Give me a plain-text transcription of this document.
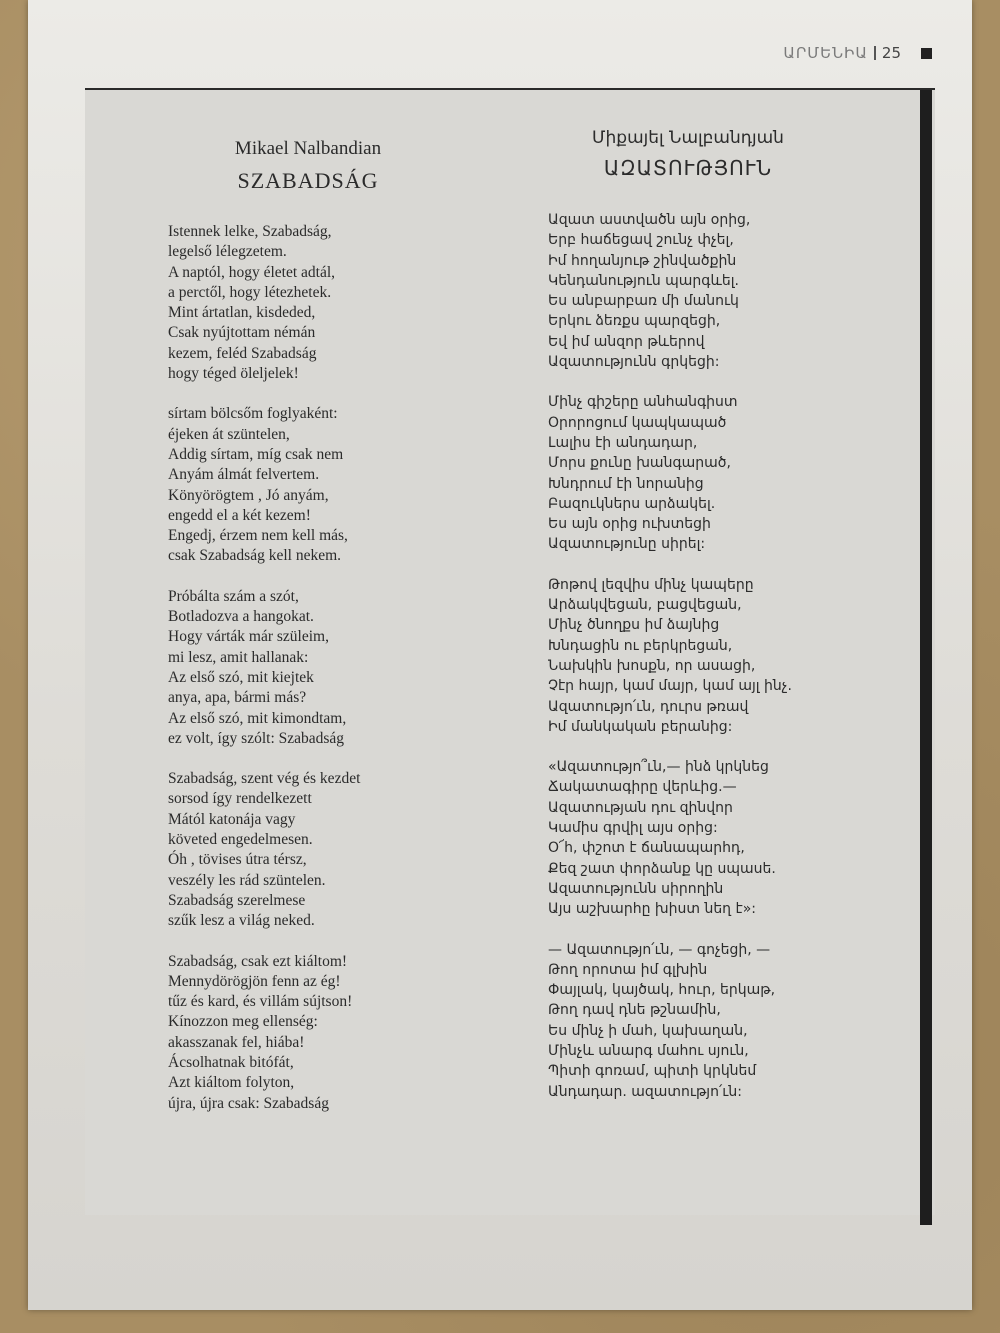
ԱՐՄԵՆԻԱ 25
Mikael Nalbandian
SZABADSÁG
Istennek lelke, Szabadság,
legelső lélegzetem.
A naptól, hogy életet adtál,
a perctől, hogy létezhetek.
Mint ártatlan, kisdeded,
Csak nyújtottam némán
kezem, feléd Szabadság
hogy téged öleljelek!
sírtam bölcsőm foglyaként:
éjeken át szüntelen,
Addig sírtam, míg csak nem
Anyám álmát felvertem.
Könyörögtem , Jó anyám,
engedd el a két kezem!
Engedj, érzem nem kell más,
csak Szabadság kell nekem.
Próbálta szám a szót,
Botladozva a hangokat.
Hogy várták már szüleim,
mi lesz, amit hallanak:
Az első szó, mit kiejtek
anya, apa, bármi más?
Az első szó, mit kimondtam,
ez volt, így szólt: Szabadság
Szabadság, szent vég és kezdet
sorsod így rendelkezett
Mától katonája vagy
követed engedelmesen.
Óh , tövises útra térsz,
veszély les rád szüntelen.
Szabadság szerelmese
szűk lesz a világ neked.
Szabadság, csak ezt kiáltom!
Mennydörögjön fenn az ég!
tűz és kard, és villám sújtson!
Kínozzon meg ellenség:
akasszanak fel, hiába!
Ácsolhatnak bitófát,
Azt kiáltom folyton,
újra, újra csak: Szabadság
Միքայել Նալբանդյան
ԱԶԱՏՈՒԹՅՈՒՆ
Ազատ աստվածն այն օրից,
Երբ հաճեցավ շունչ փչել,
Իմ հողանյութ շինվածքին
Կենդանություն պարգևել.
Ես անբարբառ մի մանուկ
Երկու ձեռքս պարզեցի,
Եվ իմ անզոր թևերով
Ազատությունն գրկեցի:
Մինչ գիշերը անհանգիստ
Օրորոցում կապկապած
Լալիս էի անդադար,
Մորս քունը խանգարած,
Խնդրում էի նորանից
Բազուկներս արձակել.
Ես այն օրից ուխտեցի
Ազատությունը սիրել:
Թոթով լեզվիս մինչ կապերը
Արձակվեցան, բացվեցան,
Մինչ ծնողքս իմ ձայնից
Խնդացին ու բերկրեցան,
Նախկին խոսքն, որ ասացի,
Չէր հայր, կամ մայր, կամ այլ ինչ.
Ազատությո՛ւն, դուրս թռավ
Իմ մանկական բերանից:
«Ազատությո՞ւն,— ինձ կրկնեց
Ճակատագիրը վերևից.—
Ազատության դու զինվոր
Կամիս գրվիլ այս օրից:
Օ՜հ, փշոտ է ճանապարհդ,
Քեզ շատ փորձանք կը սպասե.
Ազատությունն սիրողին
Այս աշխարհը խիստ նեղ է»:
— Ազատությո՛ւն, — գոչեցի, —
Թող որոտա իմ գլխին
Փայլակ, կայծակ, հուր, երկաթ,
Թող դավ դնե թշնամին,
Ես մինչ ի մահ, կախաղան,
Մինչև անարգ մահու սյուն,
Պիտի գոռամ, պիտի կրկնեմ
Անդադար. ազատությո՛ւն:
